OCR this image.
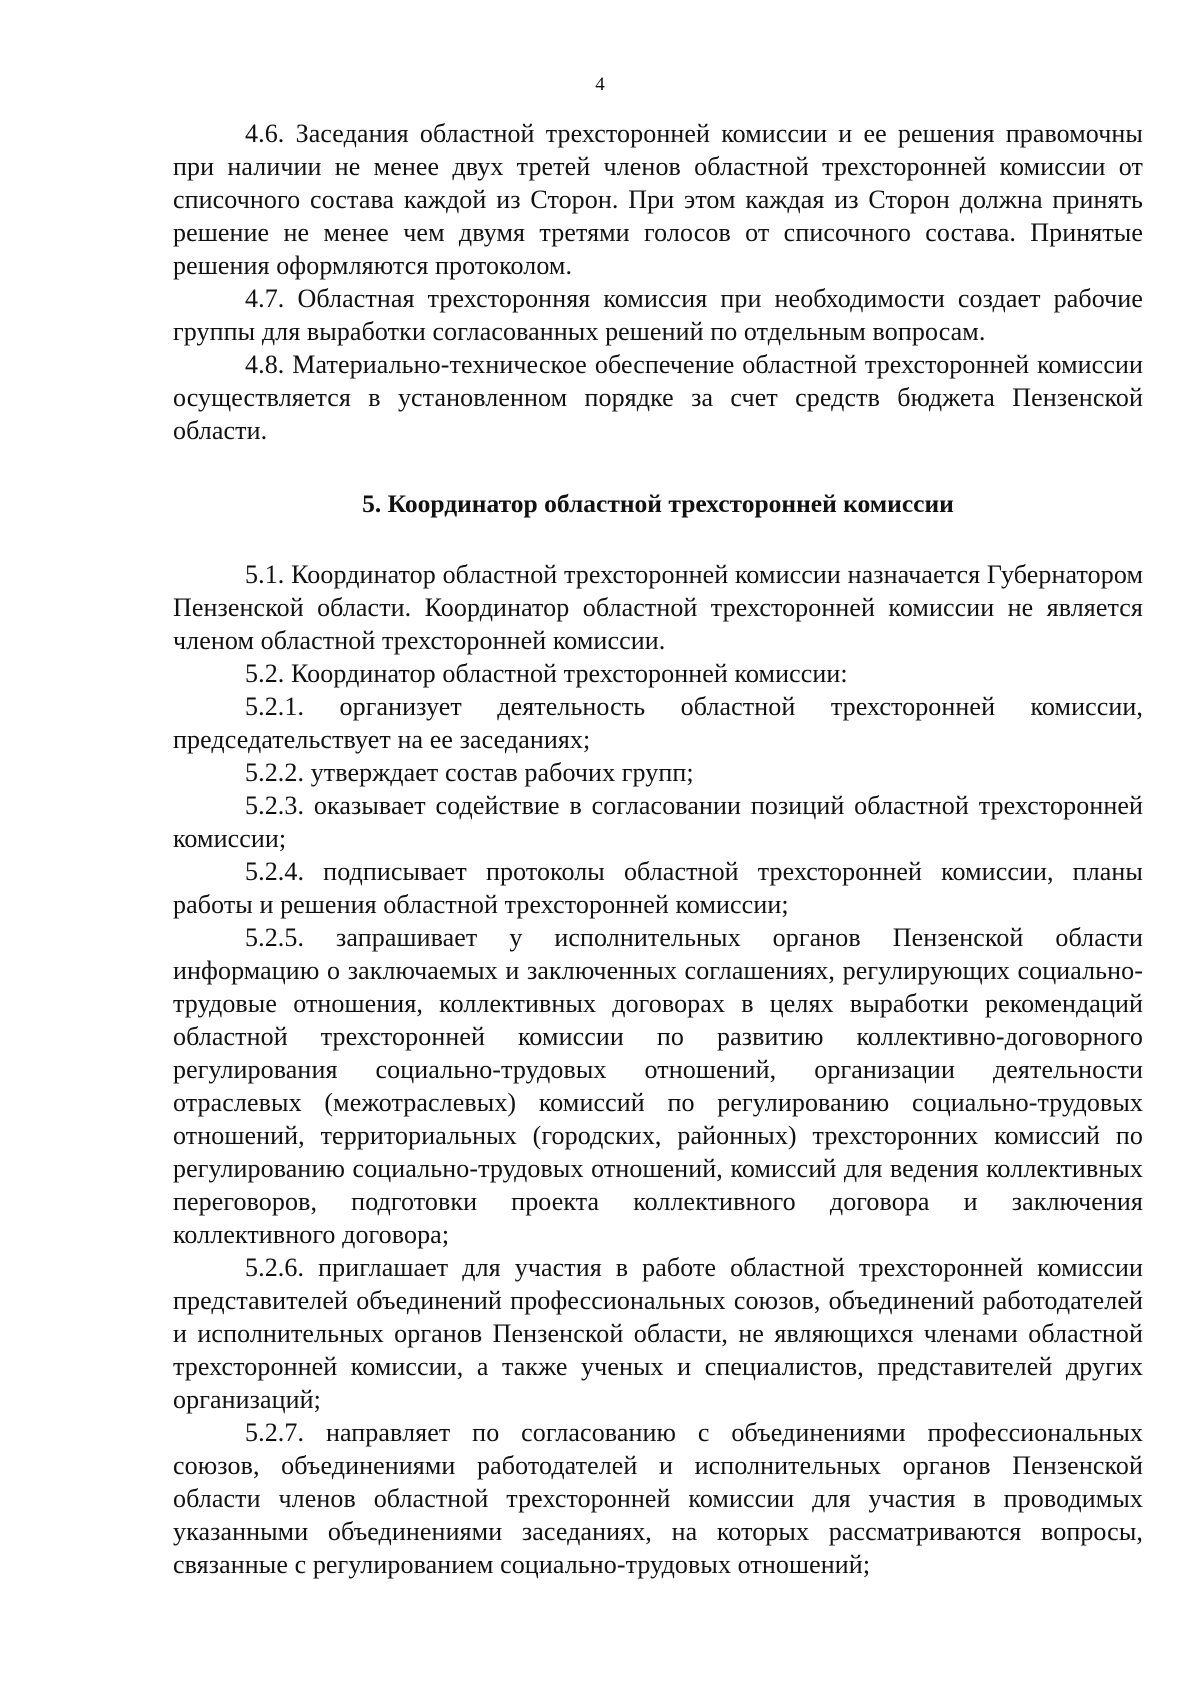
4

4.6. Заседания областной трехсторонней комиссии и ее решения правомочны при наличии не менее двух третей членов областной трехсторонней комиссии от списочного состава каждой из Сторон. При этом каждая из Сторон должна принять решение не менее чем двумя третями голосов от списочного состава. Принятые решения оформляются протоколом.

4.7. Областная трехсторонняя комиссия при необходимости создает рабочие группы для выработки согласованных решений по отдельным вопросам.

4.8. Материально-техническое обеспечение областной трехсторонней комиссии осуществляется в установленном порядке за счет средств бюджета Пензенской области.

5. Координатор областной трехсторонней комиссии

5.1. Координатор областной трехсторонней комиссии назначается Губернатором Пензенской области. Координатор областной трехсторонней комиссии не является членом областной трехсторонней комиссии.

5.2. Координатор областной трехсторонней комиссии:

5.2.1. организует деятельность областной трехсторонней комиссии, председательствует на ее заседаниях;

5.2.2. утверждает состав рабочих групп;

5.2.3. оказывает содействие в согласовании позиций областной трехсторонней комиссии;

5.2.4. подписывает протоколы областной трехсторонней комиссии, планы работы и решения областной трехсторонней комиссии;

5.2.5. запрашивает у исполнительных органов Пензенской области информацию о заключаемых и заключенных соглашениях, регулирующих социально-трудовые отношения, коллективных договорах в целях выработки рекомендаций областной трехсторонней комиссии по развитию коллективно-договорного регулирования социально-трудовых отношений, организации деятельности отраслевых (межотраслевых) комиссий по регулированию социально-трудовых отношений, территориальных (городских, районных) трехсторонних комиссий по регулированию социально-трудовых отношений, комиссий для ведения коллективных переговоров, подготовки проекта коллективного договора и заключения коллективного договора;

5.2.6. приглашает для участия в работе областной трехсторонней комиссии представителей объединений профессиональных союзов, объединений работодателей и исполнительных органов Пензенской области, не являющихся членами областной трехсторонней комиссии, а также ученых и специалистов, представителей других организаций;

5.2.7. направляет по согласованию с объединениями профессиональных союзов, объединениями работодателей и исполнительных органов Пензенской области членов областной трехсторонней комиссии для участия в проводимых указанными объединениями заседаниях, на которых рассматриваются вопросы, связанные с регулированием социально-трудовых отношений;
